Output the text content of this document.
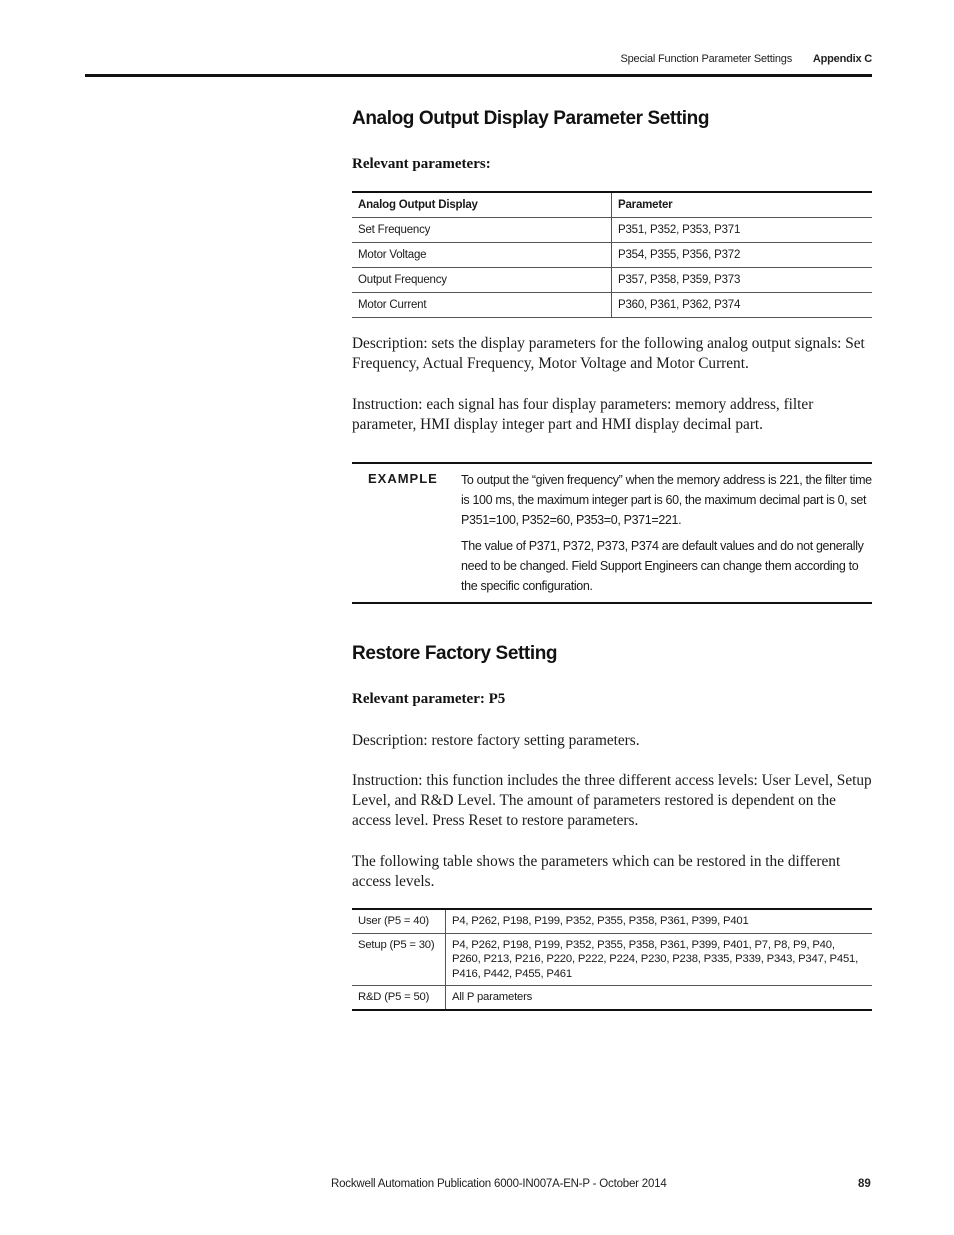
Special Function Parameter Settings Appendix C
Analog Output Display Parameter Setting
Relevant parameters:
Analog Output Display	Parameter
Set Frequency	P351, P352, P353, P371
Motor Voltage	P354, P355, P356, P372
Output Frequency	P357, P358, P359, P373
Motor Current	P360, P361, P362, P374
Description: sets the display parameters for the following analog output signals: Set Frequency, Actual Frequency, Motor Voltage and Motor Current.
Instruction: each signal has four display parameters: memory address, filter parameter, HMI display integer part and HMI display decimal part.
EXAMPLE To output the “given frequency” when the memory address is 221, the filter time is 100 ms, the maximum integer part is 60, the maximum decimal part is 0, set P351=100, P352=60, P353=0, P371=221.

The value of P371, P372, P373, P374 are default values and do not generally need to be changed. Field Support Engineers can change them according to the specific configuration.

Restore Factory Setting
Relevant parameter: P5
Description: restore factory setting parameters.
Instruction: this function includes the three different access levels: User Level, Setup Level, and R&D Level. The amount of parameters restored is dependent on the access level. Press Reset to restore parameters.
The following table shows the parameters which can be restored in the different access levels.
User (P5 = 40)	P4, P262, P198, P199, P352, P355, P358, P361, P399, P401
Setup (P5 = 30)	P4, P262, P198, P199, P352, P355, P358, P361, P399, P401, P7, P8, P9, P40, P260, P213, P216, P220, P222, P224, P230, P238, P335, P339, P343, P347, P451, P416, P442, P455, P461
R&D (P5 = 50)	All P parameters
Rockwell Automation Publication 6000-IN007A-EN-P - October 2014	89
